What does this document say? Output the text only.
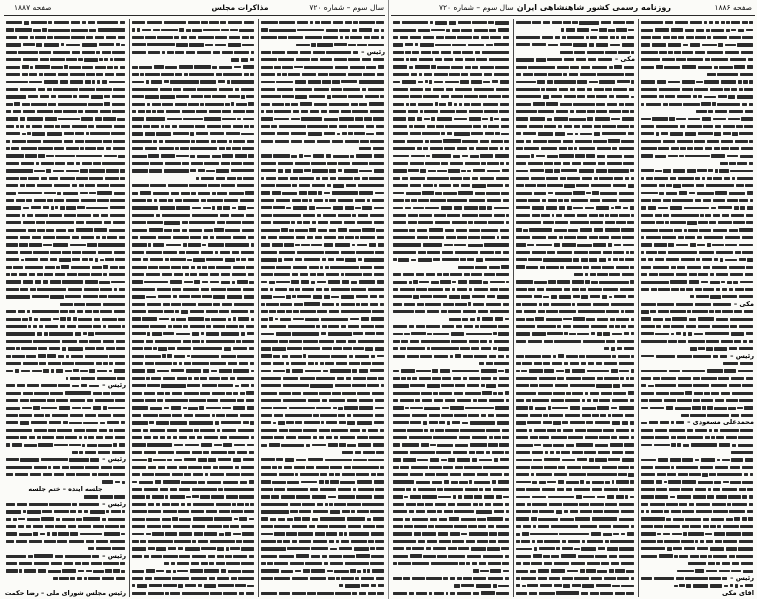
صفحه ۱۸۸۷	مذاکرات مجلس	سال سوم – شماره ۷۲۰
رئیس –
رئیس –
رئیس –
جلسه آینده – ختم جلسه
رئیس –
رئیس –
رئیس مجلس شورای ملی – رضا حکمت
سال سوم – شماره ۷۲۰ روزنامه رسمی کشور شاهنشاهی ایران	صفحه ۱۸۸۶
مکی –
رئیس –
محمدعلی مسعودی –
رئیس –
آقای مکی
مکی –
